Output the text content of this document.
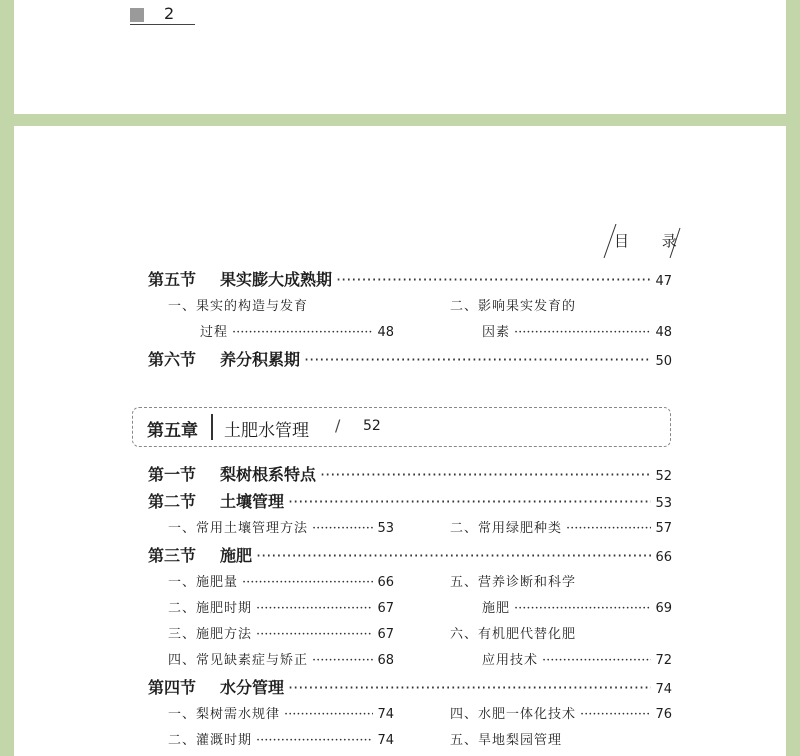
2
目 录
第五节	果实膨大成熟期 ·····	47
一、果实的构造与发育	二、影响果实发育的
过程 ·····	48	因素 ·····	48
第六节	养分积累期 ·····	50
第五章 土肥水管理 / 52
第一节	梨树根系特点 ·····	52
第二节	土壤管理 ·····	53
一、常用土壤管理方法 ·····	53	二、常用绿肥种类 ·····	57
第三节	施肥 ·····	66
一、施肥量 ·····	66	五、营养诊断和科学
二、施肥时期 ·····	67	施肥 ·····	69
三、施肥方法 ·····	67	六、有机肥代替化肥
四、常见缺素症与矫正 ·····	68	应用技术 ·····	72
第四节	水分管理 ·····	74
一、梨树需水规律 ·····	74	四、水肥一体化技术 ·····	76
二、灌溉时期 ·····	74	五、旱地梨园管理
